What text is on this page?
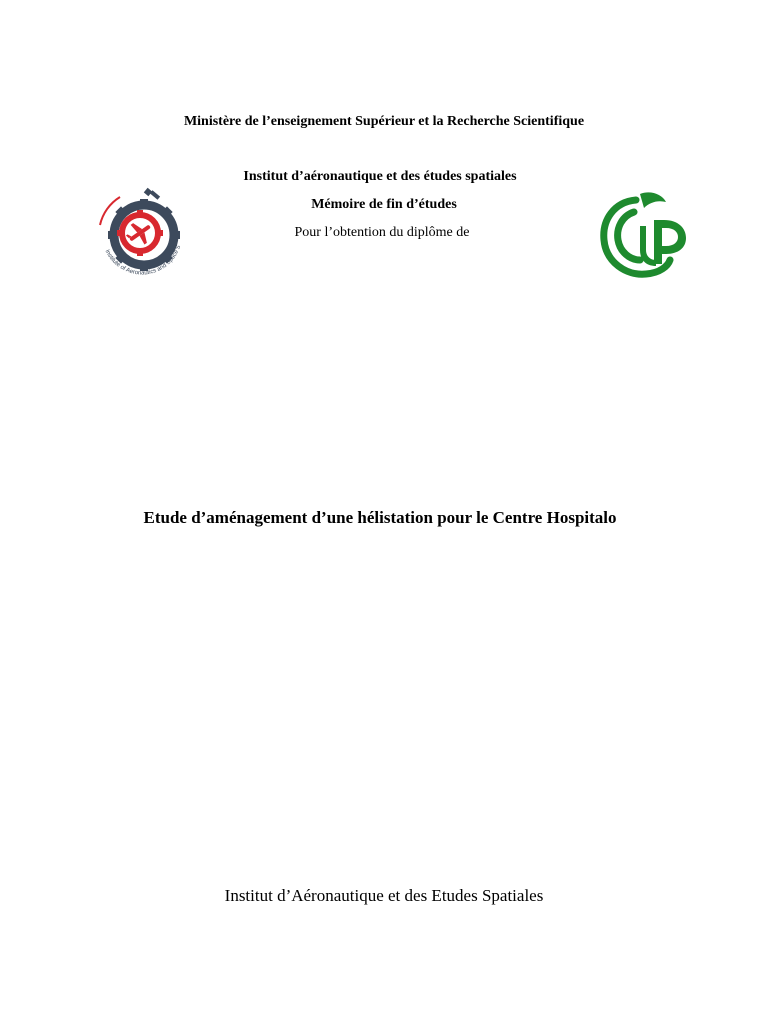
Ministère de l’enseignement Supérieur et la Recherche Scientifique
Institut d’aéronautique et des études spatiales
Mémoire de fin d’études
Pour l’obtention du diplôme de
Institute of Aeronautics and Space S
Etude d’aménagement d’une hélistation pour le Centre Hospitalo
Institut d’Aéronautique et des Etudes Spatiales
